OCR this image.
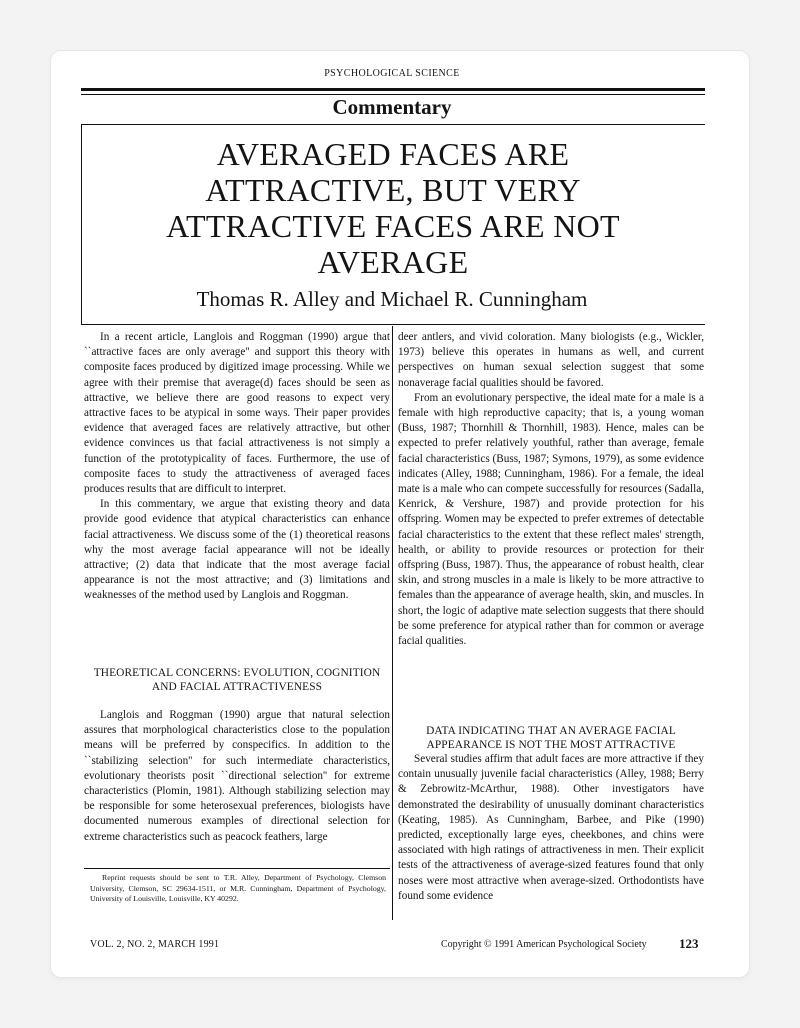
PSYCHOLOGICAL SCIENCE
Commentary
AVERAGED FACES ARE ATTRACTIVE, BUT VERY ATTRACTIVE FACES ARE NOT AVERAGE
Thomas R. Alley and Michael R. Cunningham

In a recent article, Langlois and Roggman (1990) argue that ``attractive faces are only average'' and support this theory with composite faces produced by digitized image processing. While we agree with their premise that average(d) faces should be seen as attractive, we believe there are good reasons to expect very attractive faces to be atypical in some ways. Their paper provides evidence that averaged faces are relatively attractive, but other evidence convinces us that facial attractiveness is not simply a function of the prototypicality of faces. Furthermore, the use of composite faces to study the attractiveness of averaged faces produces results that are difficult to interpret.

In this commentary, we argue that existing theory and data provide good evidence that atypical characteristics can enhance facial attractiveness. We discuss some of the (1) theoretical reasons why the most average facial appearance will not be ideally attractive; (2) data that indicate that the most average facial appearance is not the most attractive; and (3) limitations and weaknesses of the method used by Langlois and Roggman.

THEORETICAL CONCERNS: EVOLUTION, COGNITION AND FACIAL ATTRACTIVENESS

Langlois and Roggman (1990) argue that natural selection assures that morphological characteristics close to the population means will be preferred by conspecifics. In addition to the ``stabilizing selection'' for such intermediate characteristics, evolutionary theorists posit ``directional selection'' for extreme characteristics (Plomin, 1981). Although stabilizing selection may be responsible for some heterosexual preferences, biologists have documented numerous examples of directional selection for extreme characteristics such as peacock feathers, large

Reprint requests should be sent to T.R. Alley, Department of Psychology, Clemson University, Clemson, SC 29634-1511, or M.R. Cunningham, Department of Psychology, University of Louisville, Louisville, KY 40292.

deer antlers, and vivid coloration. Many biologists (e.g., Wickler, 1973) believe this operates in humans as well, and current perspectives on human sexual selection suggest that some nonaverage facial qualities should be favored.

From an evolutionary perspective, the ideal mate for a male is a female with high reproductive capacity; that is, a young woman (Buss, 1987; Thornhill & Thornhill, 1983). Hence, males can be expected to prefer relatively youthful, rather than average, female facial characteristics (Buss, 1987; Symons, 1979), as some evidence indicates (Alley, 1988; Cunningham, 1986). For a female, the ideal mate is a male who can compete successfully for resources (Sadalla, Kenrick, & Vershure, 1987) and provide protection for his offspring. Women may be expected to prefer extremes of detectable facial characteristics to the extent that these reflect males' strength, health, or ability to provide resources or protection for their offspring (Buss, 1987). Thus, the appearance of robust health, clear skin, and strong muscles in a male is likely to be more attractive to females than the appearance of average health, skin, and muscles. In short, the logic of adaptive mate selection suggests that there should be some preference for atypical rather than for common or average facial qualities.

DATA INDICATING THAT AN AVERAGE FACIAL APPEARANCE IS NOT THE MOST ATTRACTIVE

Several studies affirm that adult faces are more attractive if they contain unusually juvenile facial characteristics (Alley, 1988; Berry & Zebrowitz-McArthur, 1988). Other investigators have demonstrated the desirability of unusually dominant characteristics (Keating, 1985). As Cunningham, Barbee, and Pike (1990) predicted, exceptionally large eyes, cheekbones, and chins were associated with high ratings of attractiveness in men. Their explicit tests of the attractiveness of average-sized features found that only noses were most attractive when average-sized. Orthodontists have found some evidence

VOL. 2, NO. 2, MARCH 1991	Copyright © 1991 American Psychological Society 123
